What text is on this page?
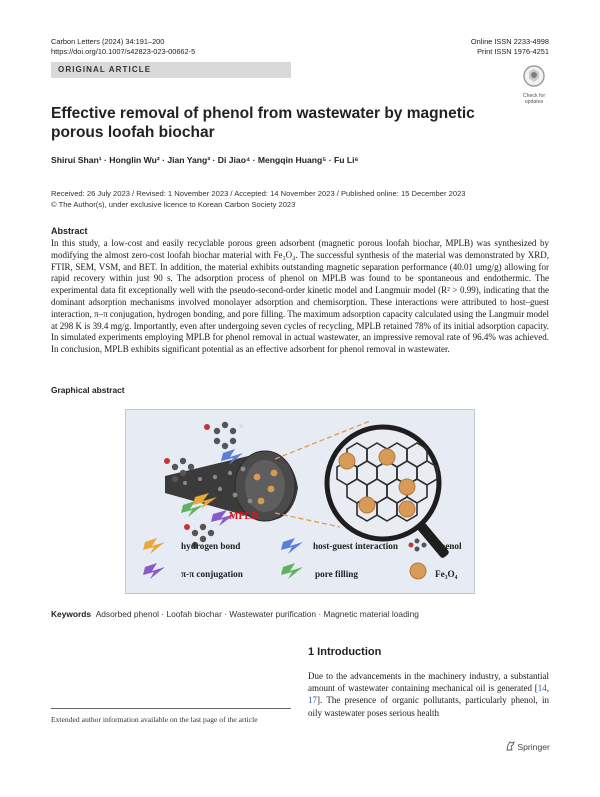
Carbon Letters (2024) 34:191–200
https://doi.org/10.1007/s42823-023-00662-5
Online ISSN 2233-4998
Print ISSN 1976-4251
ORIGINAL ARTICLE
Check for updates
Effective removal of phenol from wastewater by magnetic porous loofah biochar
Shirui Shan¹ · Honglin Wu² · Jian Yang³ · Di Jiao⁴ · Mengqin Huang⁵ · Fu Li⁶
Received: 26 July 2023 / Revised: 1 November 2023 / Accepted: 14 November 2023 / Published online: 15 December 2023
© The Author(s), under exclusive licence to Korean Carbon Society 2023
Abstract
In this study, a low-cost and easily recyclable porous green adsorbent (magnetic porous loofah biochar, MPLB) was synthesized by modifying the almost zero-cost loofah biochar material with Fe₃O₄. The successful synthesis of the material was demonstrated by XRD, FTIR, SEM, VSM, and BET. In addition, the material exhibits outstanding magnetic separation performance (40.01 umg/g) allowing for rapid recovery within just 90 s. The adsorption process of phenol on MPLB was found to be spontaneous and endothermic. The experimental data fit exceptionally well with the pseudo-second-order kinetic model and Langmuir model (R² > 0.99), indicating that the dominant adsorption mechanisms involved monolayer adsorption and chemisorption. These interactions were attributed to host–guest interaction, π–π conjugation, hydrogen bonding, and pore filling. The maximum adsorption capacity calculated using the Langmuir model at 298 K is 39.4 mg/g. Importantly, even after undergoing seven cycles of recycling, MPLB retained 78% of its initial adsorption capacity. In simulated experiments employing MPLB for phenol removal in actual wastewater, an impressive removal rate of 96.4% was achieved. In conclusion, MPLB exhibits significant potential as an effective adsorbent for phenol removal in wastewater.
Graphical abstract
MPLB
hydrogen bond	host-guest interaction	phenol
π-π conjugation	pore filling	Fe₃O₄
Keywords Adsorbed phenol · Loofah biochar · Wastewater purification · Magnetic material loading
1 Introduction
Due to the advancements in the machinery industry, a substantial amount of wastewater containing mechanical oil is generated [14, 17]. The presence of organic pollutants, particularly phenol, in oily wastewater poses serious health
Extended author information available on the last page of the article
Springer
